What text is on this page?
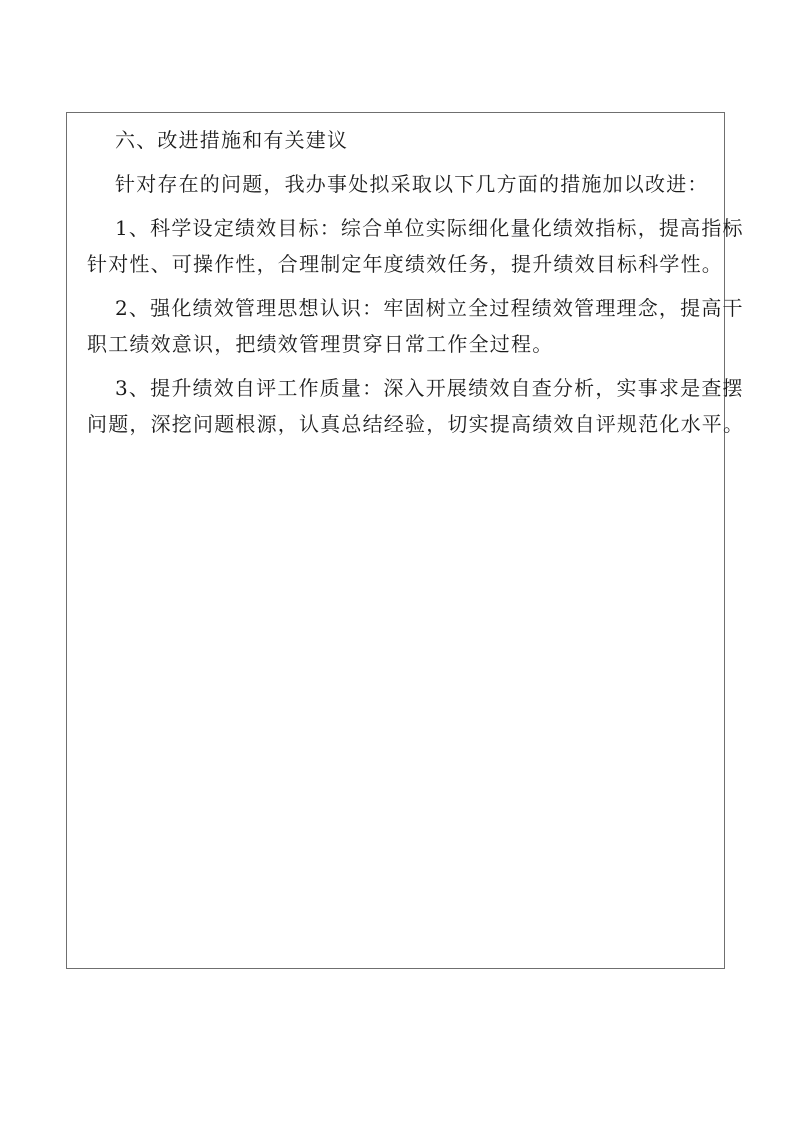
六、改进措施和有关建议
针对存在的问题，我办事处拟采取以下几方面的措施加以改进：
1、科学设定绩效目标：综合单位实际细化量化绩效指标，提高指标
针对性、可操作性，合理制定年度绩效任务，提升绩效目标科学性。
2、强化绩效管理思想认识：牢固树立全过程绩效管理理念，提高干
职工绩效意识，把绩效管理贯穿日常工作全过程。
3、提升绩效自评工作质量：深入开展绩效自查分析，实事求是查摆
问题，深挖问题根源，认真总结经验，切实提高绩效自评规范化水平。
